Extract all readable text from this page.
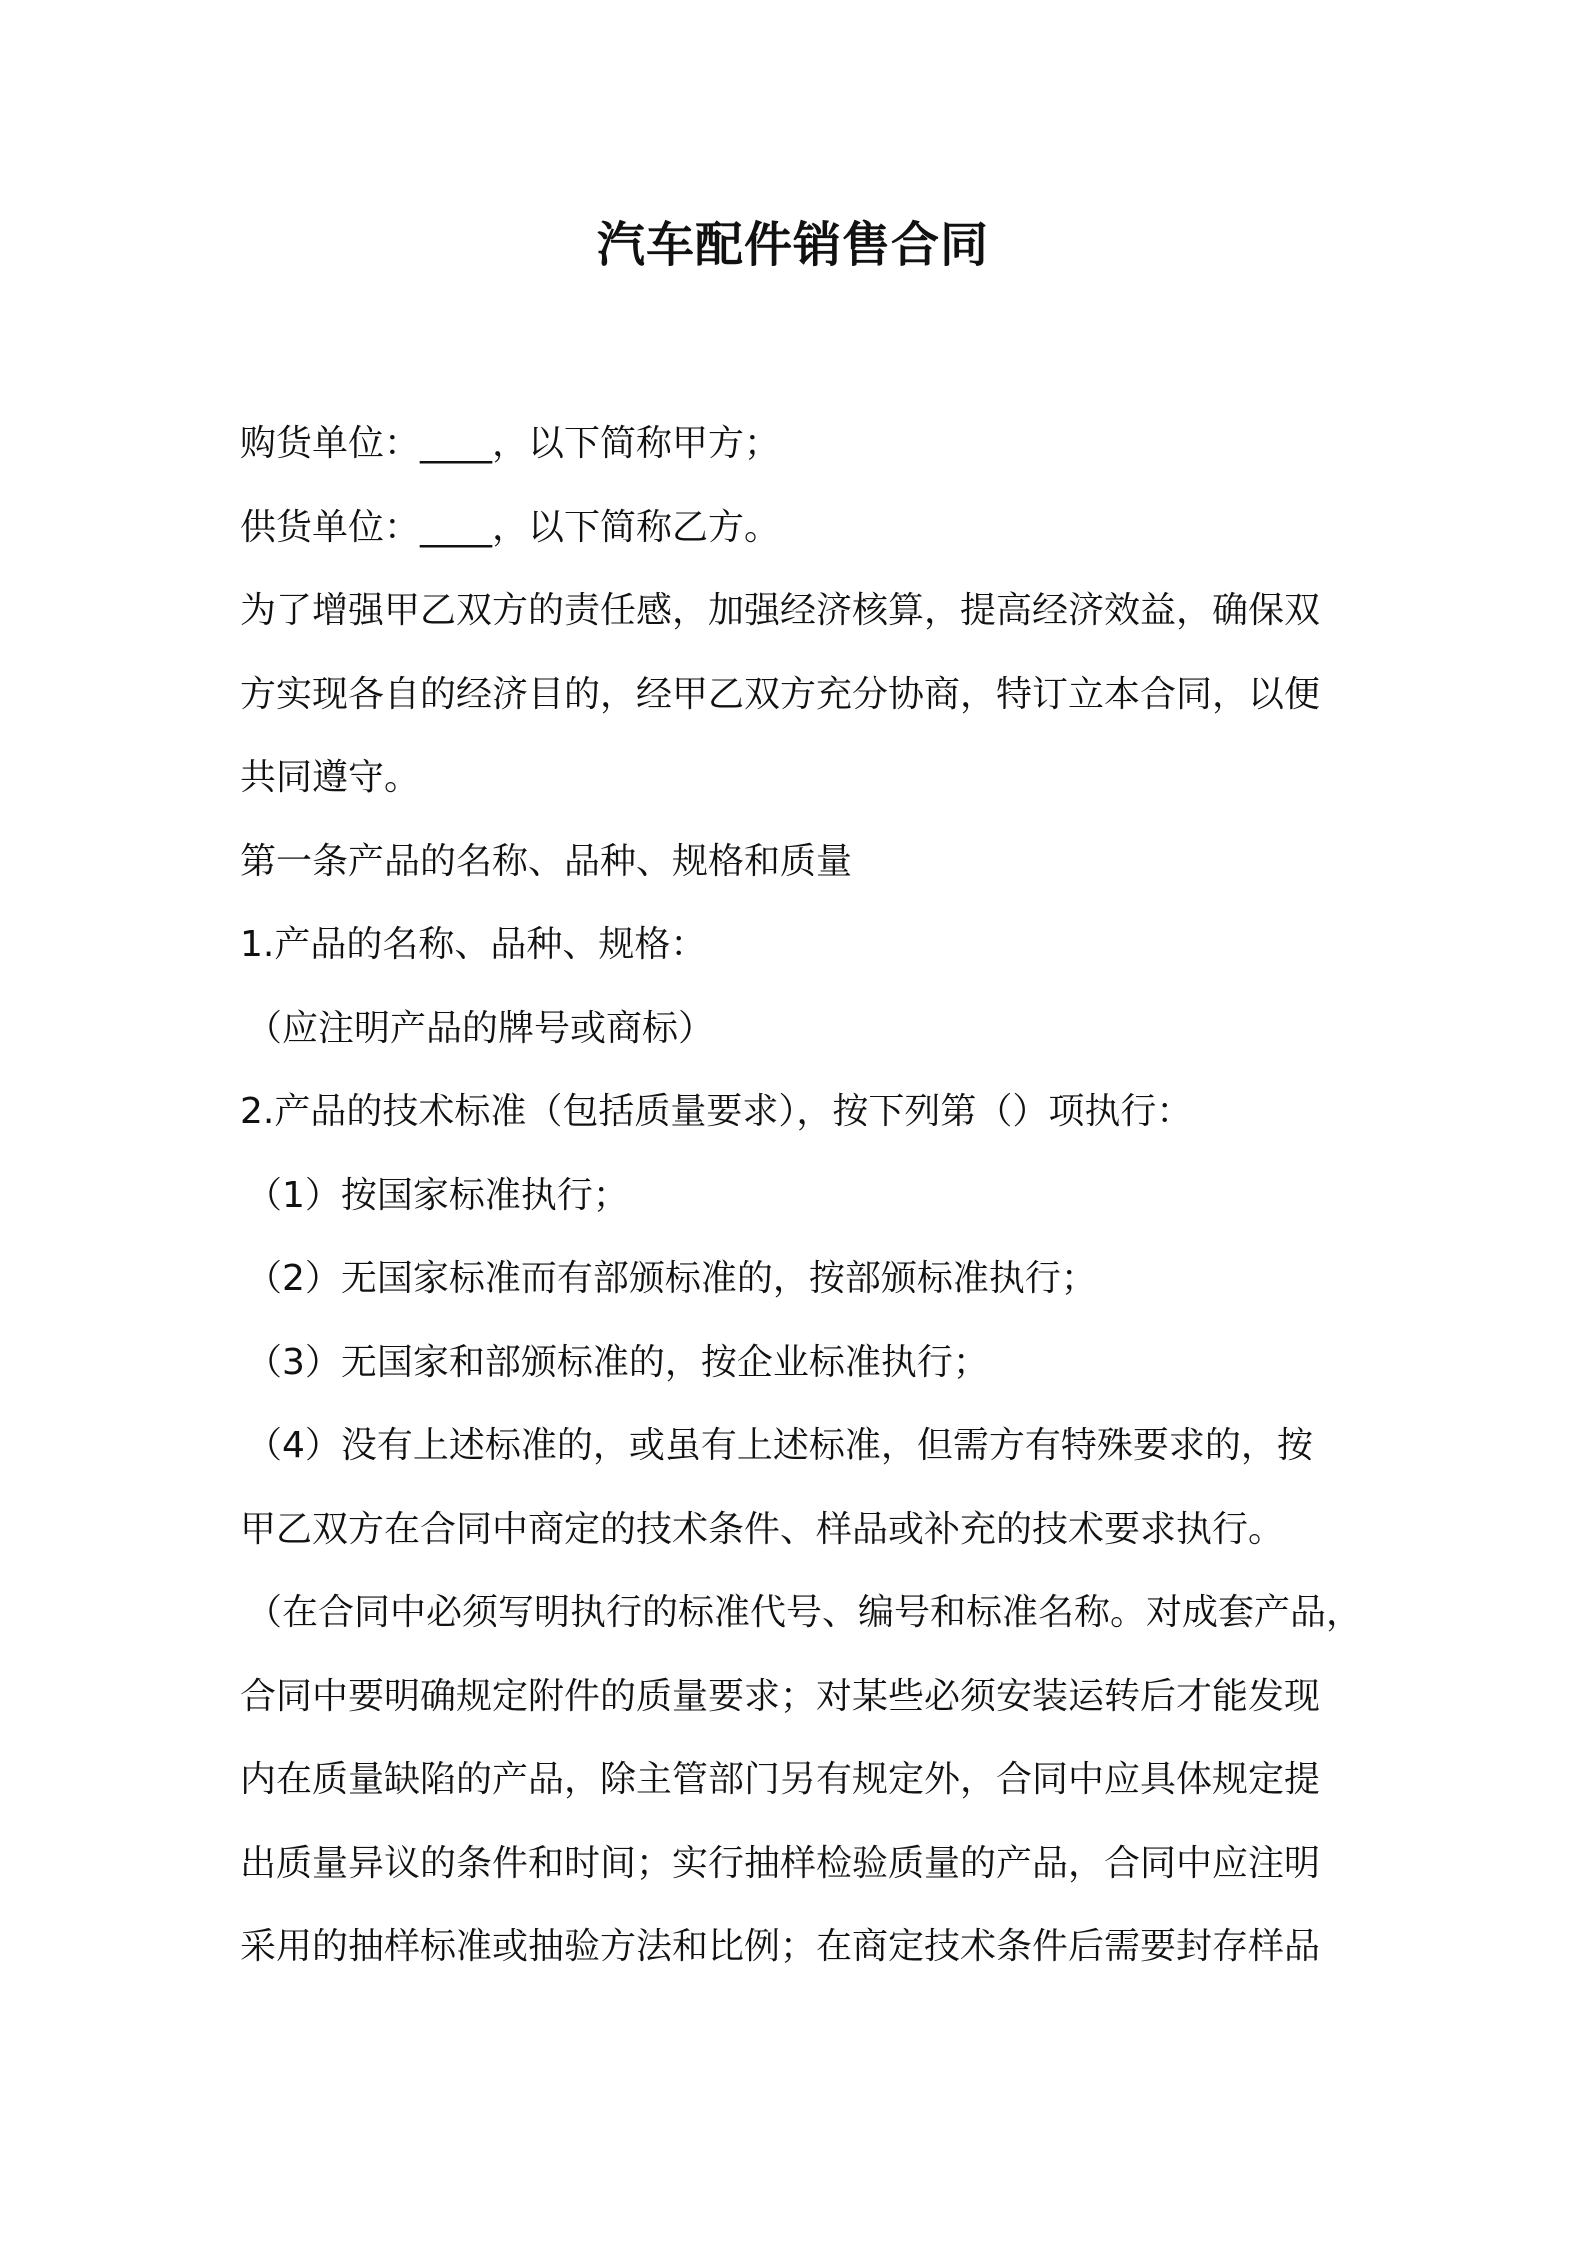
汽车配件销售合同

购货单位：____，以下简称甲方；

供货单位：____，以下简称乙方。

为了增强甲乙双方的责任感，加强经济核算，提高经济效益，确保双

方实现各自的经济目的，经甲乙双方充分协商，特订立本合同，以便

共同遵守。

第一条产品的名称、品种、规格和质量

1.产品的名称、品种、规格：

（应注明产品的牌号或商标）

2.产品的技术标准（包括质量要求），按下列第（）项执行：

（1）按国家标准执行；

（2）无国家标准而有部颁标准的，按部颁标准执行；

（3）无国家和部颁标准的，按企业标准执行；

（4）没有上述标准的，或虽有上述标准，但需方有特殊要求的，按

甲乙双方在合同中商定的技术条件、样品或补充的技术要求执行。

（在合同中必须写明执行的标准代号、编号和标准名称。对成套产品，

合同中要明确规定附件的质量要求；对某些必须安装运转后才能发现

内在质量缺陷的产品，除主管部门另有规定外，合同中应具体规定提

出质量异议的条件和时间；实行抽样检验质量的产品，合同中应注明

采用的抽样标准或抽验方法和比例；在商定技术条件后需要封存样品
